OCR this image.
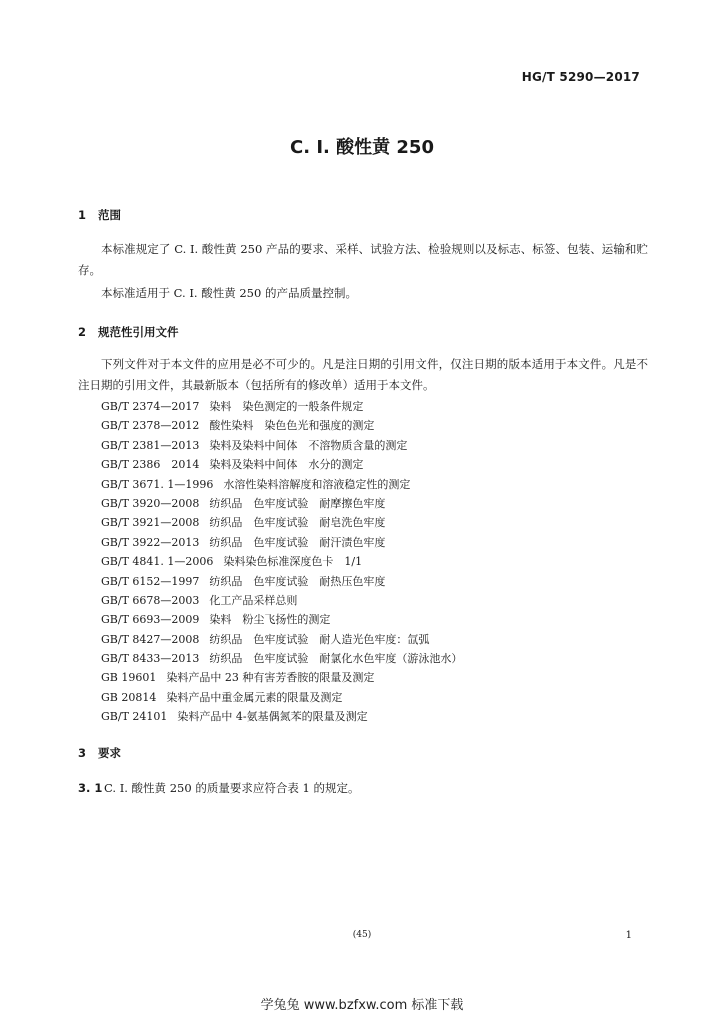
HG/T 5290—2017
C. I. 酸性黄 250
1 范围
本标准规定了 C. I. 酸性黄 250 产品的要求、采样、试验方法、检验规则以及标志、标签、包装、运输和贮存。
本标准适用于 C. I. 酸性黄 250 的产品质量控制。
2 规范性引用文件
下列文件对于本文件的应用是必不可少的。凡是注日期的引用文件，仅注日期的版本适用于本文件。凡是不注日期的引用文件，其最新版本（包括所有的修改单）适用于本文件。
GB/T 2374—2017 染料　染色测定的一般条件规定
GB/T 2378—2012 酸性染料　染色色光和强度的测定
GB/T 2381—2013 染料及染料中间体　不溶物质含量的测定
GB/T 2386　2014 染料及染料中间体　水分的测定
GB/T 3671. 1—1996 水溶性染料溶解度和溶液稳定性的测定
GB/T 3920—2008 纺织品　色牢度试验　耐摩擦色牢度
GB/T 3921—2008 纺织品　色牢度试验　耐皂洗色牢度
GB/T 3922—2013 纺织品　色牢度试验　耐汗渍色牢度
GB/T 4841. 1—2006 染料染色标准深度色卡　1/1
GB/T 6152—1997 纺织品　色牢度试验　耐热压色牢度
GB/T 6678—2003 化工产品采样总则
GB/T 6693—2009 染料　粉尘飞扬性的测定
GB/T 8427—2008 纺织品　色牢度试验　耐人造光色牢度：氙弧
GB/T 8433—2013 纺织品　色牢度试验　耐氯化水色牢度（游泳池水）
GB 19601 染料产品中 23 种有害芳香胺的限量及测定
GB 20814 染料产品中重金属元素的限量及测定
GB/T 24101 染料产品中 4-氨基偶氮苯的限量及测定
3 要求
3. 1 C. I. 酸性黄 250 的质量要求应符合表 1 的规定。
(45)	1
学兔兔 www.bzfxw.com 标准下载
